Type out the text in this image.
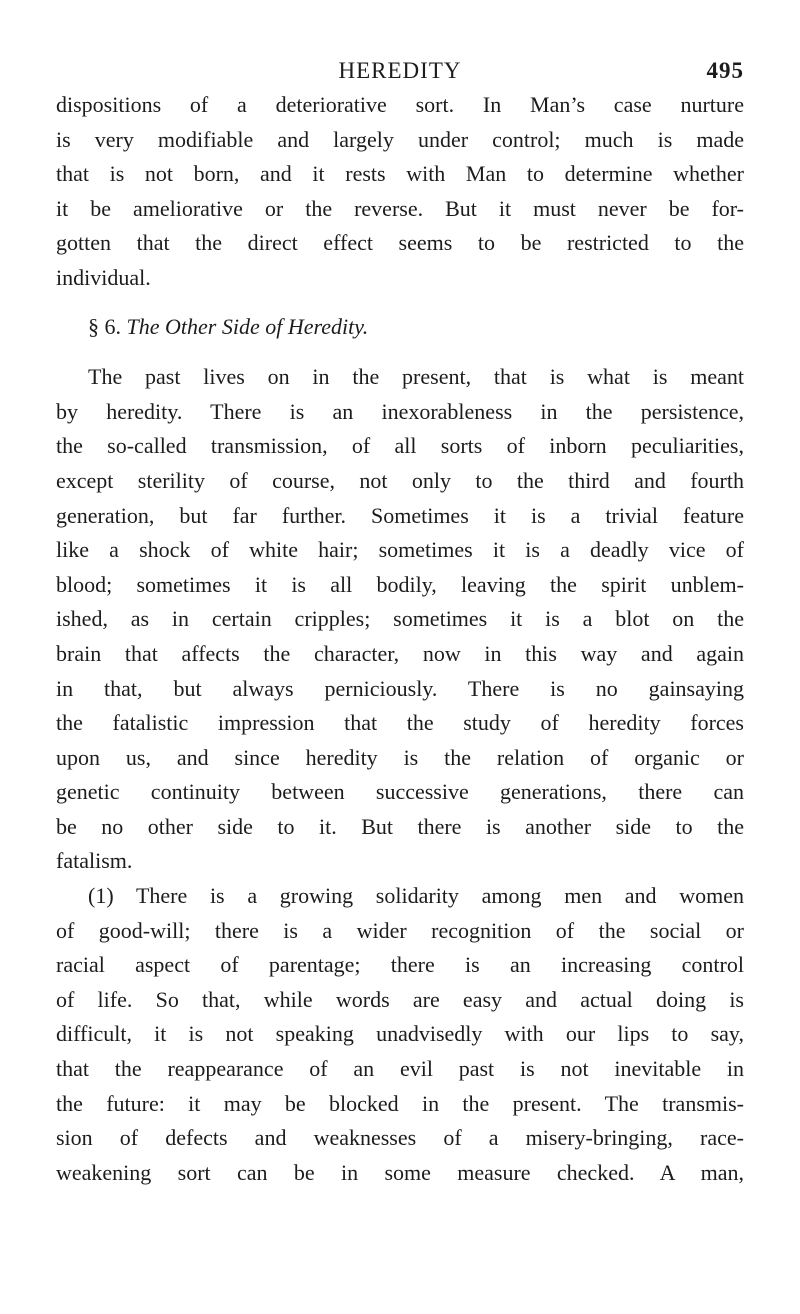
HEREDITY	495
dispositions of a deteriorative sort. In Man’s case nurture
is very modifiable and largely under control; much is made
that is not born, and it rests with Man to determine whether
it be ameliorative or the reverse. But it must never be for-
gotten that the direct effect seems to be restricted to the
individual.
§ 6. The Other Side of Heredity.
The past lives on in the present, that is what is meant
by heredity. There is an inexorableness in the persistence,
the so-called transmission, of all sorts of inborn peculiarities,
except sterility of course, not only to the third and fourth
generation, but far further. Sometimes it is a trivial feature
like a shock of white hair; sometimes it is a deadly vice of
blood; sometimes it is all bodily, leaving the spirit unblem-
ished, as in certain cripples; sometimes it is a blot on the
brain that affects the character, now in this way and again
in that, but always perniciously. There is no gainsaying
the fatalistic impression that the study of heredity forces
upon us, and since heredity is the relation of organic or
genetic continuity between successive generations, there can
be no other side to it. But there is another side to the
fatalism.
(1) There is a growing solidarity among men and women
of good-will; there is a wider recognition of the social or
racial aspect of parentage; there is an increasing control
of life. So that, while words are easy and actual doing is
difficult, it is not speaking unadvisedly with our lips to say,
that the reappearance of an evil past is not inevitable in
the future: it may be blocked in the present. The transmis-
sion of defects and weaknesses of a misery-bringing, race-
weakening sort can be in some measure checked. A man,
